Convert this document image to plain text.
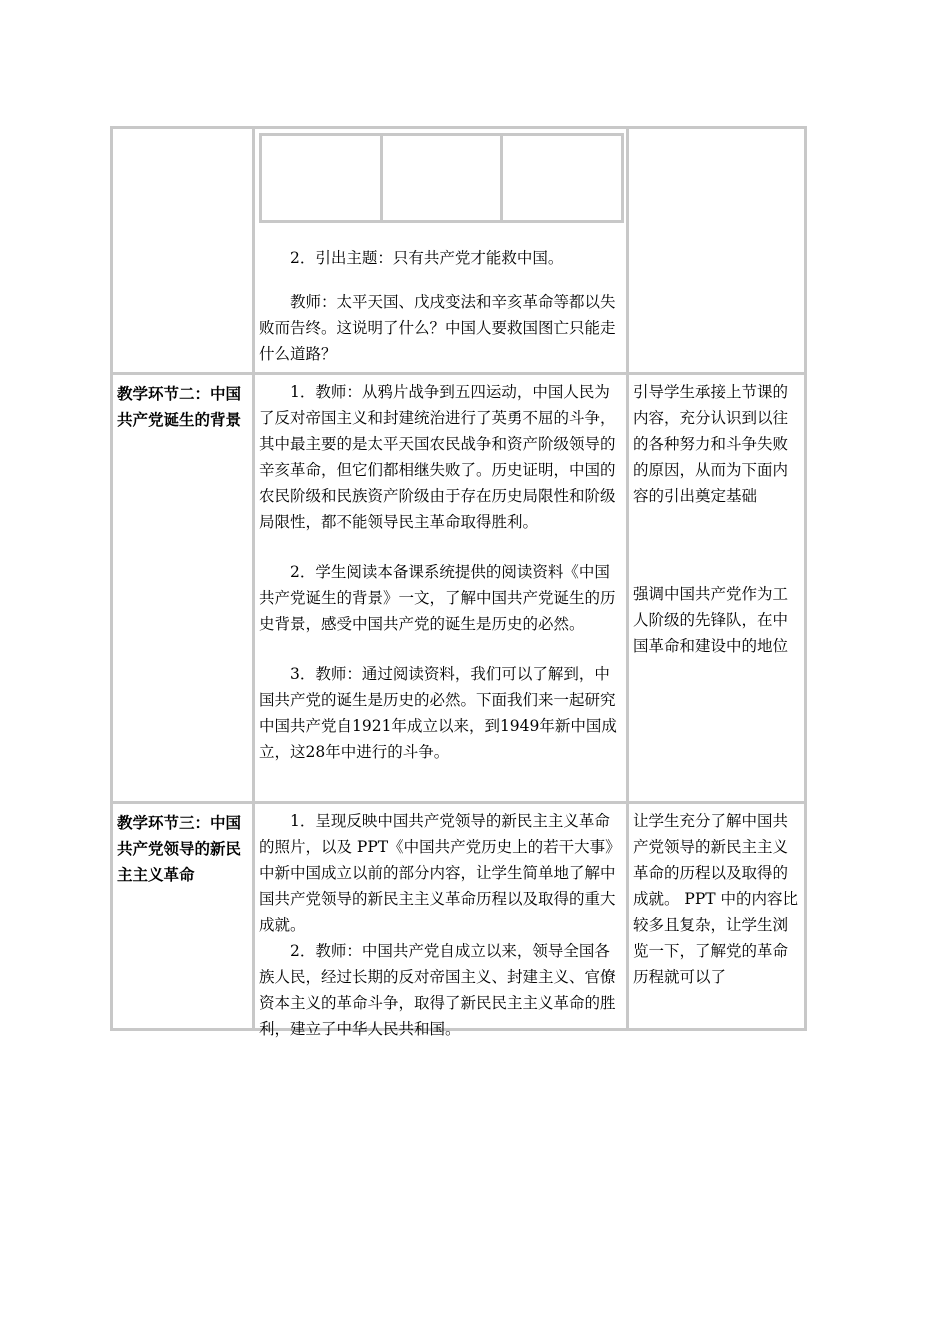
2．引出主题：只有共产党才能救中国。

教师：太平天国、戊戌变法和辛亥革命等都以失败而告终。这说明了什么？中国人要救国图亡只能走什么道路？

教学环节二：中国共产党诞生的背景

1．教师：从鸦片战争到五四运动，中国人民为了反对帝国主义和封建统治进行了英勇不屈的斗争，其中最主要的是太平天国农民战争和资产阶级领导的辛亥革命，但它们都相继失败了。历史证明，中国的农民阶级和民族资产阶级由于存在历史局限性和阶级局限性，都不能领导民主革命取得胜利。

2．学生阅读本备课系统提供的阅读资料《中国共产党诞生的背景》一文，了解中国共产党诞生的历史背景，感受中国共产党的诞生是历史的必然。

3．教师：通过阅读资料，我们可以了解到，中国共产党的诞生是历史的必然。下面我们来一起研究中国共产党自1921年成立以来，到1949年新中国成立，这28年中进行的斗争。

引导学生承接上节课的内容，充分认识到以往的各种努力和斗争失败的原因，从而为下面内容的引出奠定基础

强调中国共产党作为工人阶级的先锋队，在中国革命和建设中的地位

教学环节三：中国共产党领导的新民主主义革命

1．呈现反映中国共产党领导的新民主主义革命的照片，以及 PPT《中国共产党历史上的若干大事》中新中国成立以前的部分内容，让学生简单地了解中国共产党领导的新民主主义革命历程以及取得的重大成就。

2．教师：中国共产党自成立以来，领导全国各族人民，经过长期的反对帝国主义、封建主义、官僚资本主义的革命斗争，取得了新民民主主义革命的胜利，建立了中华人民共和国。

让学生充分了解中国共产党领导的新民主主义革命的历程以及取得的成就。 PPT 中的内容比较多且复杂，让学生浏览一下，了解党的革命历程就可以了
